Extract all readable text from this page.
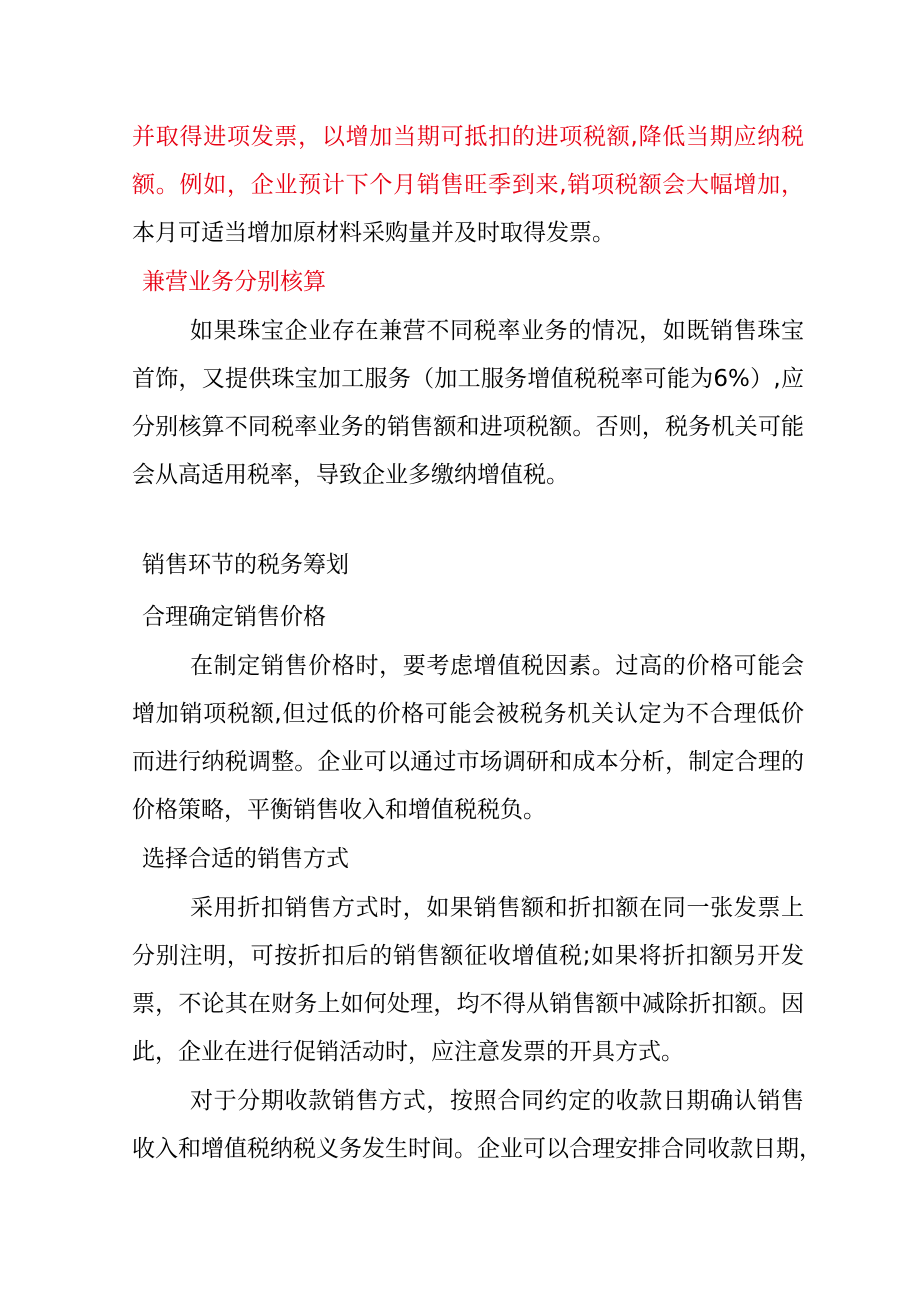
并取得进项发票，以增加当期可抵扣的进项税额,降低当期应纳税
额。例如，企业预计下个月销售旺季到来,销项税额会大幅增加，
本月可适当增加原材料采购量并及时取得发票。
兼营业务分别核算
如果珠宝企业存在兼营不同税率业务的情况，如既销售珠宝
首饰，又提供珠宝加工服务（加工服务增值税税率可能为6%）,应
分别核算不同税率业务的销售额和进项税额。否则，税务机关可能
会从高适用税率，导致企业多缴纳增值税。
销售环节的税务筹划
合理确定销售价格
在制定销售价格时，要考虑增值税因素。过高的价格可能会
增加销项税额,但过低的价格可能会被税务机关认定为不合理低价
而进行纳税调整。企业可以通过市场调研和成本分析，制定合理的
价格策略，平衡销售收入和增值税税负。
选择合适的销售方式
采用折扣销售方式时，如果销售额和折扣额在同一张发票上
分别注明，可按折扣后的销售额征收增值税;如果将折扣额另开发
票，不论其在财务上如何处理，均不得从销售额中减除折扣额。因
此，企业在进行促销活动时，应注意发票的开具方式。
对于分期收款销售方式，按照合同约定的收款日期确认销售
收入和增值税纳税义务发生时间。企业可以合理安排合同收款日期，
